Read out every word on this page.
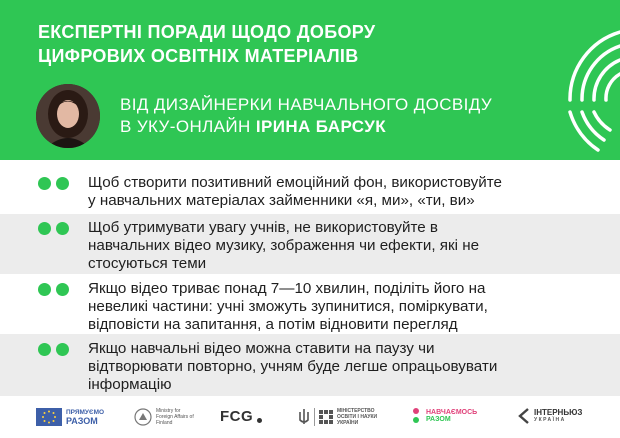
ЕКСПЕРТНІ ПОРАДИ ЩОДО ДОБОРУ
ЦИФРОВИХ ОСВІТНІХ МАТЕРІАЛІВ
ВІД ДИЗАЙНЕРКИ НАВЧАЛЬНОГО ДОСВІДУ
В УКУ-ОНЛАЙН ІРИНА БАРСУК
Щоб створити позитивний емоційний фон, використовуйте
у навчальних матеріалах займенники «я, ми», «ти, ви»
Щоб утримувати увагу учнів, не використовуйте в
навчальних відео музику, зображення чи ефекти, які не
стосуються теми
Якщо відео триває понад 7—10 хвилин, поділіть його на
невеликі частини: учні зможуть зупинитися, поміркувати,
відповісти на запитання, а потім відновити перегляд
Якщо навчальні відео можна ставити на паузу чи
відтворювати повторно, учням буде легше опрацьовувати
інформацію
ПРЯМУЄМО
РАЗОМ
Ministry for Foreign Affairs of Finland	FCG	МІНІСТЕРСТВО ОСВІТИ І НАУКИ УКРАЇНИ
НАВЧАЄМОСЬ
РАЗОМ
ІНТЕРНЬЮЗ
УКРАЇНА
